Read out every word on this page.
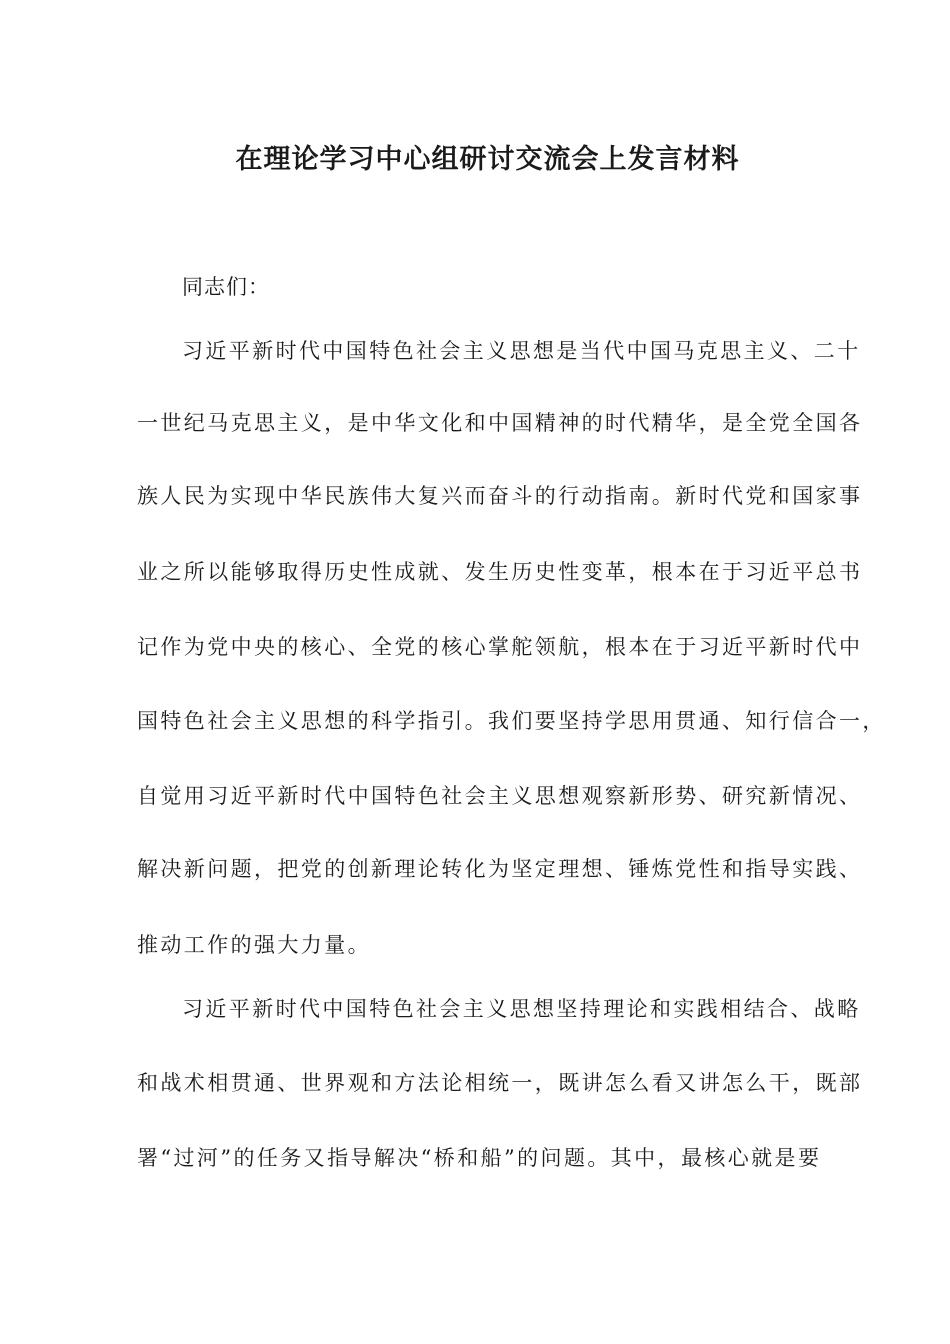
在理论学习中心组研讨交流会上发言材料

同志们：

习近平新时代中国特色社会主义思想是当代中国马克思主义、二十

一世纪马克思主义，是中华文化和中国精神的时代精华，是全党全国各

族人民为实现中华民族伟大复兴而奋斗的行动指南。新时代党和国家事

业之所以能够取得历史性成就、发生历史性变革，根本在于习近平总书

记作为党中央的核心、全党的核心掌舵领航，根本在于习近平新时代中

国特色社会主义思想的科学指引。我们要坚持学思用贯通、知行信合一，

自觉用习近平新时代中国特色社会主义思想观察新形势、研究新情况、

解决新问题，把党的创新理论转化为坚定理想、锤炼党性和指导实践、

推动工作的强大力量。

习近平新时代中国特色社会主义思想坚持理论和实践相结合、战略

和战术相贯通、世界观和方法论相统一，既讲怎么看又讲怎么干，既部

署“过河”的任务又指导解决“桥和船”的问题。其中，最核心就是要
